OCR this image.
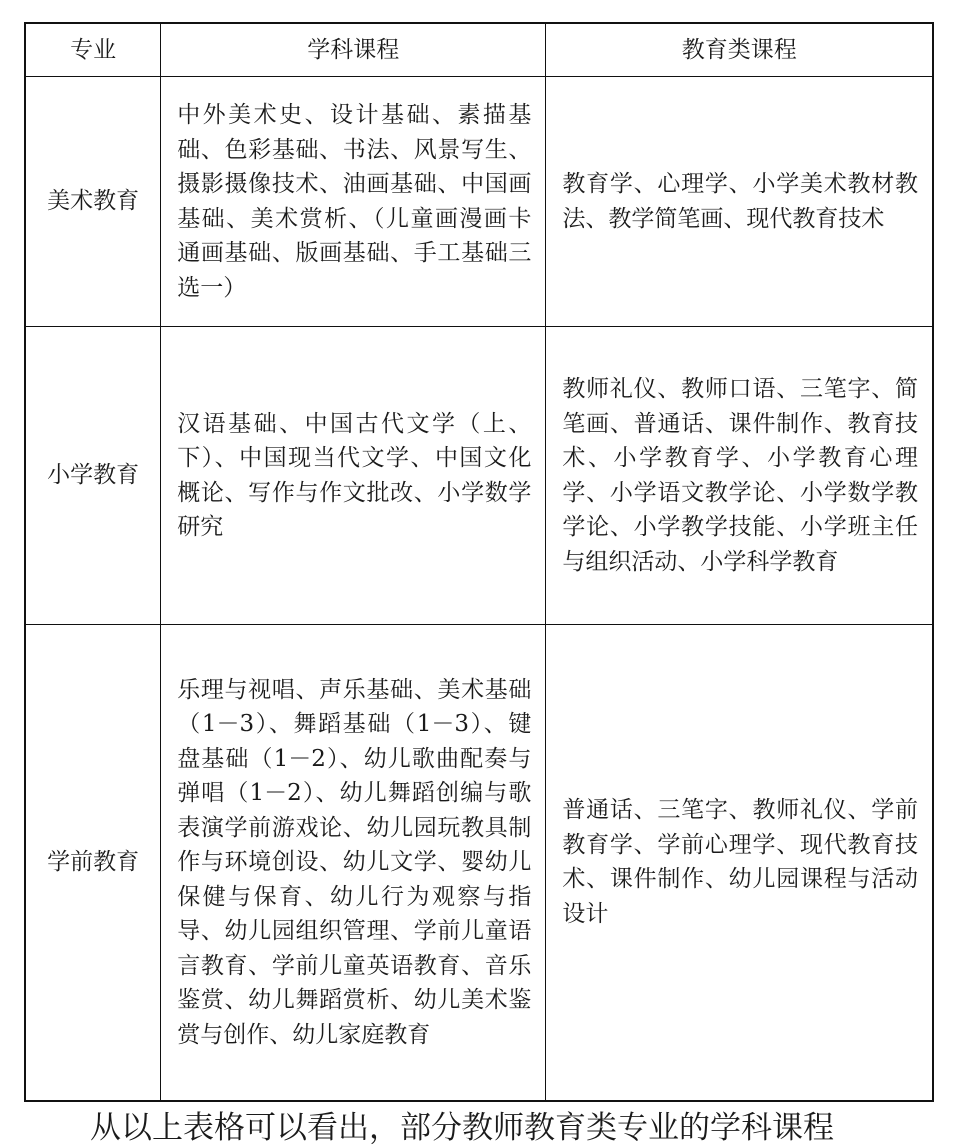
专业	学科课程	教育类课程
美术教育	中外美术史、设计基础、素描基础、色彩基础、书法、风景写生、摄影摄像技术、油画基础、中国画基础、美术赏析、（儿童画漫画卡通画基础、版画基础、手工基础三选一）	教育学、心理学、小学美术教材教法、教学简笔画、现代教育技术
小学教育	汉语基础、中国古代文学（上、下）、中国现当代文学、中国文化概论、写作与作文批改、小学数学研究	教师礼仪、教师口语、三笔字、简笔画、普通话、课件制作、教育技术、小学教育学、小学教育心理学、小学语文教学论、小学数学教学论、小学教学技能、小学班主任与组织活动、小学科学教育
学前教育	乐理与视唱、声乐基础、美术基础（1－3）、舞蹈基础（1－3）、键盘基础（1－2）、幼儿歌曲配奏与弹唱（1－2）、幼儿舞蹈创编与歌表演学前游戏论、幼儿园玩教具制作与环境创设、幼儿文学、婴幼儿保健与保育、幼儿行为观察与指导、幼儿园组织管理、学前儿童语言教育、学前儿童英语教育、音乐鉴赏、幼儿舞蹈赏析、幼儿美术鉴赏与创作、幼儿家庭教育	普通话、三笔字、教师礼仪、学前教育学、学前心理学、现代教育技术、课件制作、幼儿园课程与活动设计
从以上表格可以看出，部分教师教育类专业的学科课程
